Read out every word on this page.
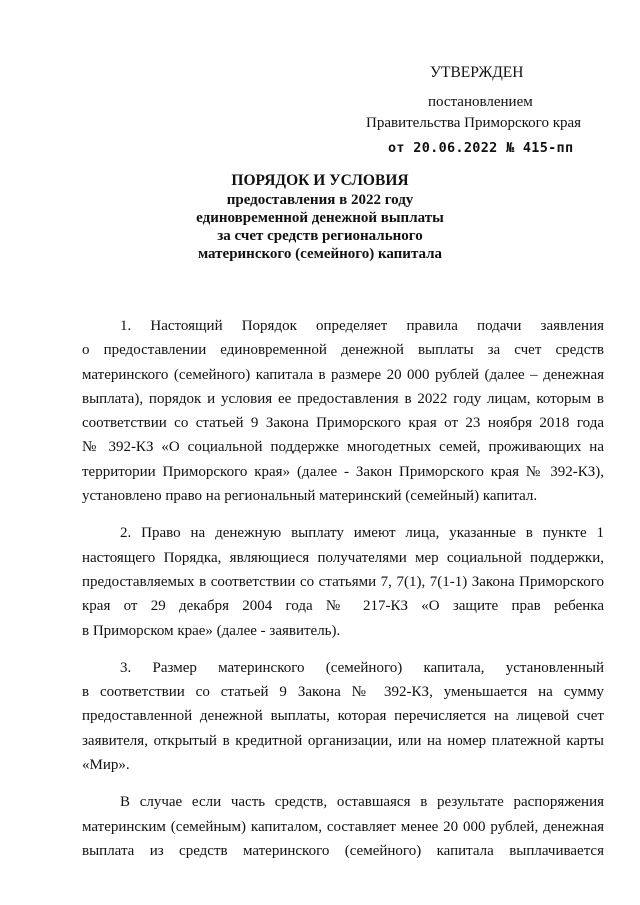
УТВЕРЖДЕН
постановлением
Правительства Приморского края
от 20.06.2022 № 415-пп
ПОРЯДОК И УСЛОВИЯ
предоставления в 2022 году
единовременной денежной выплаты
за счет средств регионального
материнского (семейного) капитала
1. Настоящий Порядок определяет правила подачи заявления
о предоставлении единовременной денежной выплаты за счет средств
материнского (семейного) капитала в размере 20 000 рублей (далее – денежная
выплата), порядок и условия ее предоставления в 2022 году лицам, которым в
соответствии со статьей 9 Закона Приморского края от 23 ноября 2018 года
№ 392-КЗ «О социальной поддержке многодетных семей, проживающих на
территории Приморского края» (далее - Закон Приморского края № 392-КЗ),
установлено право на региональный материнский (семейный) капитал.
2. Право на денежную выплату имеют лица, указанные в пункте 1
настоящего Порядка, являющиеся получателями мер социальной поддержки,
предоставляемых в соответствии со статьями 7, 7(1), 7(1-1) Закона Приморского
края от 29 декабря 2004 года № 217-КЗ «О защите прав ребенка
в Приморском крае» (далее - заявитель).
3. Размер материнского (семейного) капитала, установленный
в соответствии со статьей 9 Закона № 392-КЗ, уменьшается на сумму
предоставленной денежной выплаты, которая перечисляется на лицевой счет
заявителя, открытый в кредитной организации, или на номер платежной карты
«Мир».
В случае если часть средств, оставшаяся в результате распоряжения
материнским (семейным) капиталом, составляет менее 20 000 рублей, денежная
выплата из средств материнского (семейного) капитала выплачивается
